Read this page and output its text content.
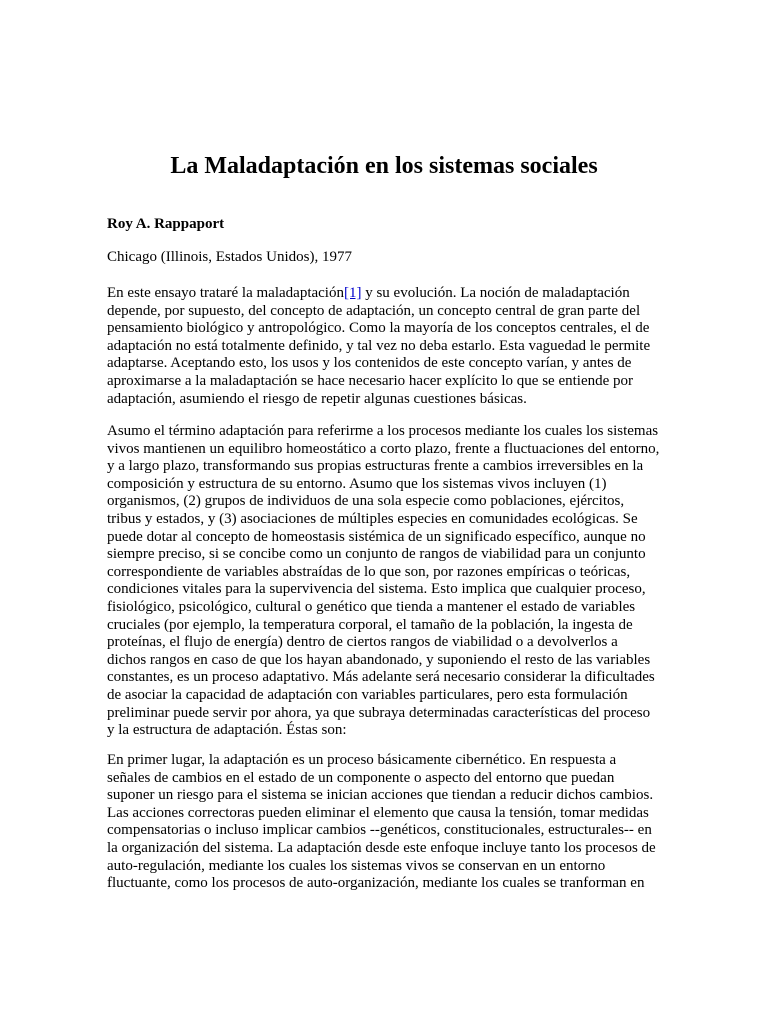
La Maladaptación en los sistemas sociales

Roy A. Rappaport

Chicago (Illinois, Estados Unidos), 1977

En este ensayo trataré la maladaptación[1] y su evolución. La noción de maladaptación
depende, por supuesto, del concepto de adaptación, un concepto central de gran parte del
pensamiento biológico y antropológico. Como la mayoría de los conceptos centrales, el de
adaptación no está totalmente definido, y tal vez no deba estarlo. Esta vaguedad le permite
adaptarse. Aceptando esto, los usos y los contenidos de este concepto varían, y antes de
aproximarse a la maladaptación se hace necesario hacer explícito lo que se entiende por
adaptación, asumiendo el riesgo de repetir algunas cuestiones básicas.
Asumo el término adaptación para referirme a los procesos mediante los cuales los sistemas
vivos mantienen un equilibro homeostático a corto plazo, frente a fluctuaciones del entorno,
y a largo plazo, transformando sus propias estructuras frente a cambios irreversibles en la
composición y estructura de su entorno. Asumo que los sistemas vivos incluyen (1)
organismos, (2) grupos de individuos de una sola especie como poblaciones, ejércitos,
tribus y estados, y (3) asociaciones de múltiples especies en comunidades ecológicas. Se
puede dotar al concepto de homeostasis sistémica de un significado específico, aunque no
siempre preciso, si se concibe como un conjunto de rangos de viabilidad para un conjunto
correspondiente de variables abstraídas de lo que son, por razones empíricas o teóricas,
condiciones vitales para la supervivencia del sistema. Esto implica que cualquier proceso,
fisiológico, psicológico, cultural o genético que tienda a mantener el estado de variables
cruciales (por ejemplo, la temperatura corporal, el tamaño de la población, la ingesta de
proteínas, el flujo de energía) dentro de ciertos rangos de viabilidad o a devolverlos a
dichos rangos en caso de que los hayan abandonado, y suponiendo el resto de las variables
constantes, es un proceso adaptativo. Más adelante será necesario considerar la dificultades
de asociar la capacidad de adaptación con variables particulares, pero esta formulación
preliminar puede servir por ahora, ya que subraya determinadas características del proceso
y la estructura de adaptación. Éstas son:
En primer lugar, la adaptación es un proceso básicamente cibernético. En respuesta a
señales de cambios en el estado de un componente o aspecto del entorno que puedan
suponer un riesgo para el sistema se inician acciones que tiendan a reducir dichos cambios.
Las acciones correctoras pueden eliminar el elemento que causa la tensión, tomar medidas
compensatorias o incluso implicar cambios --genéticos, constitucionales, estructurales-- en
la organización del sistema. La adaptación desde este enfoque incluye tanto los procesos de
auto-regulación, mediante los cuales los sistemas vivos se conservan en un entorno
fluctuante, como los procesos de auto-organización, mediante los cuales se tranforman en
